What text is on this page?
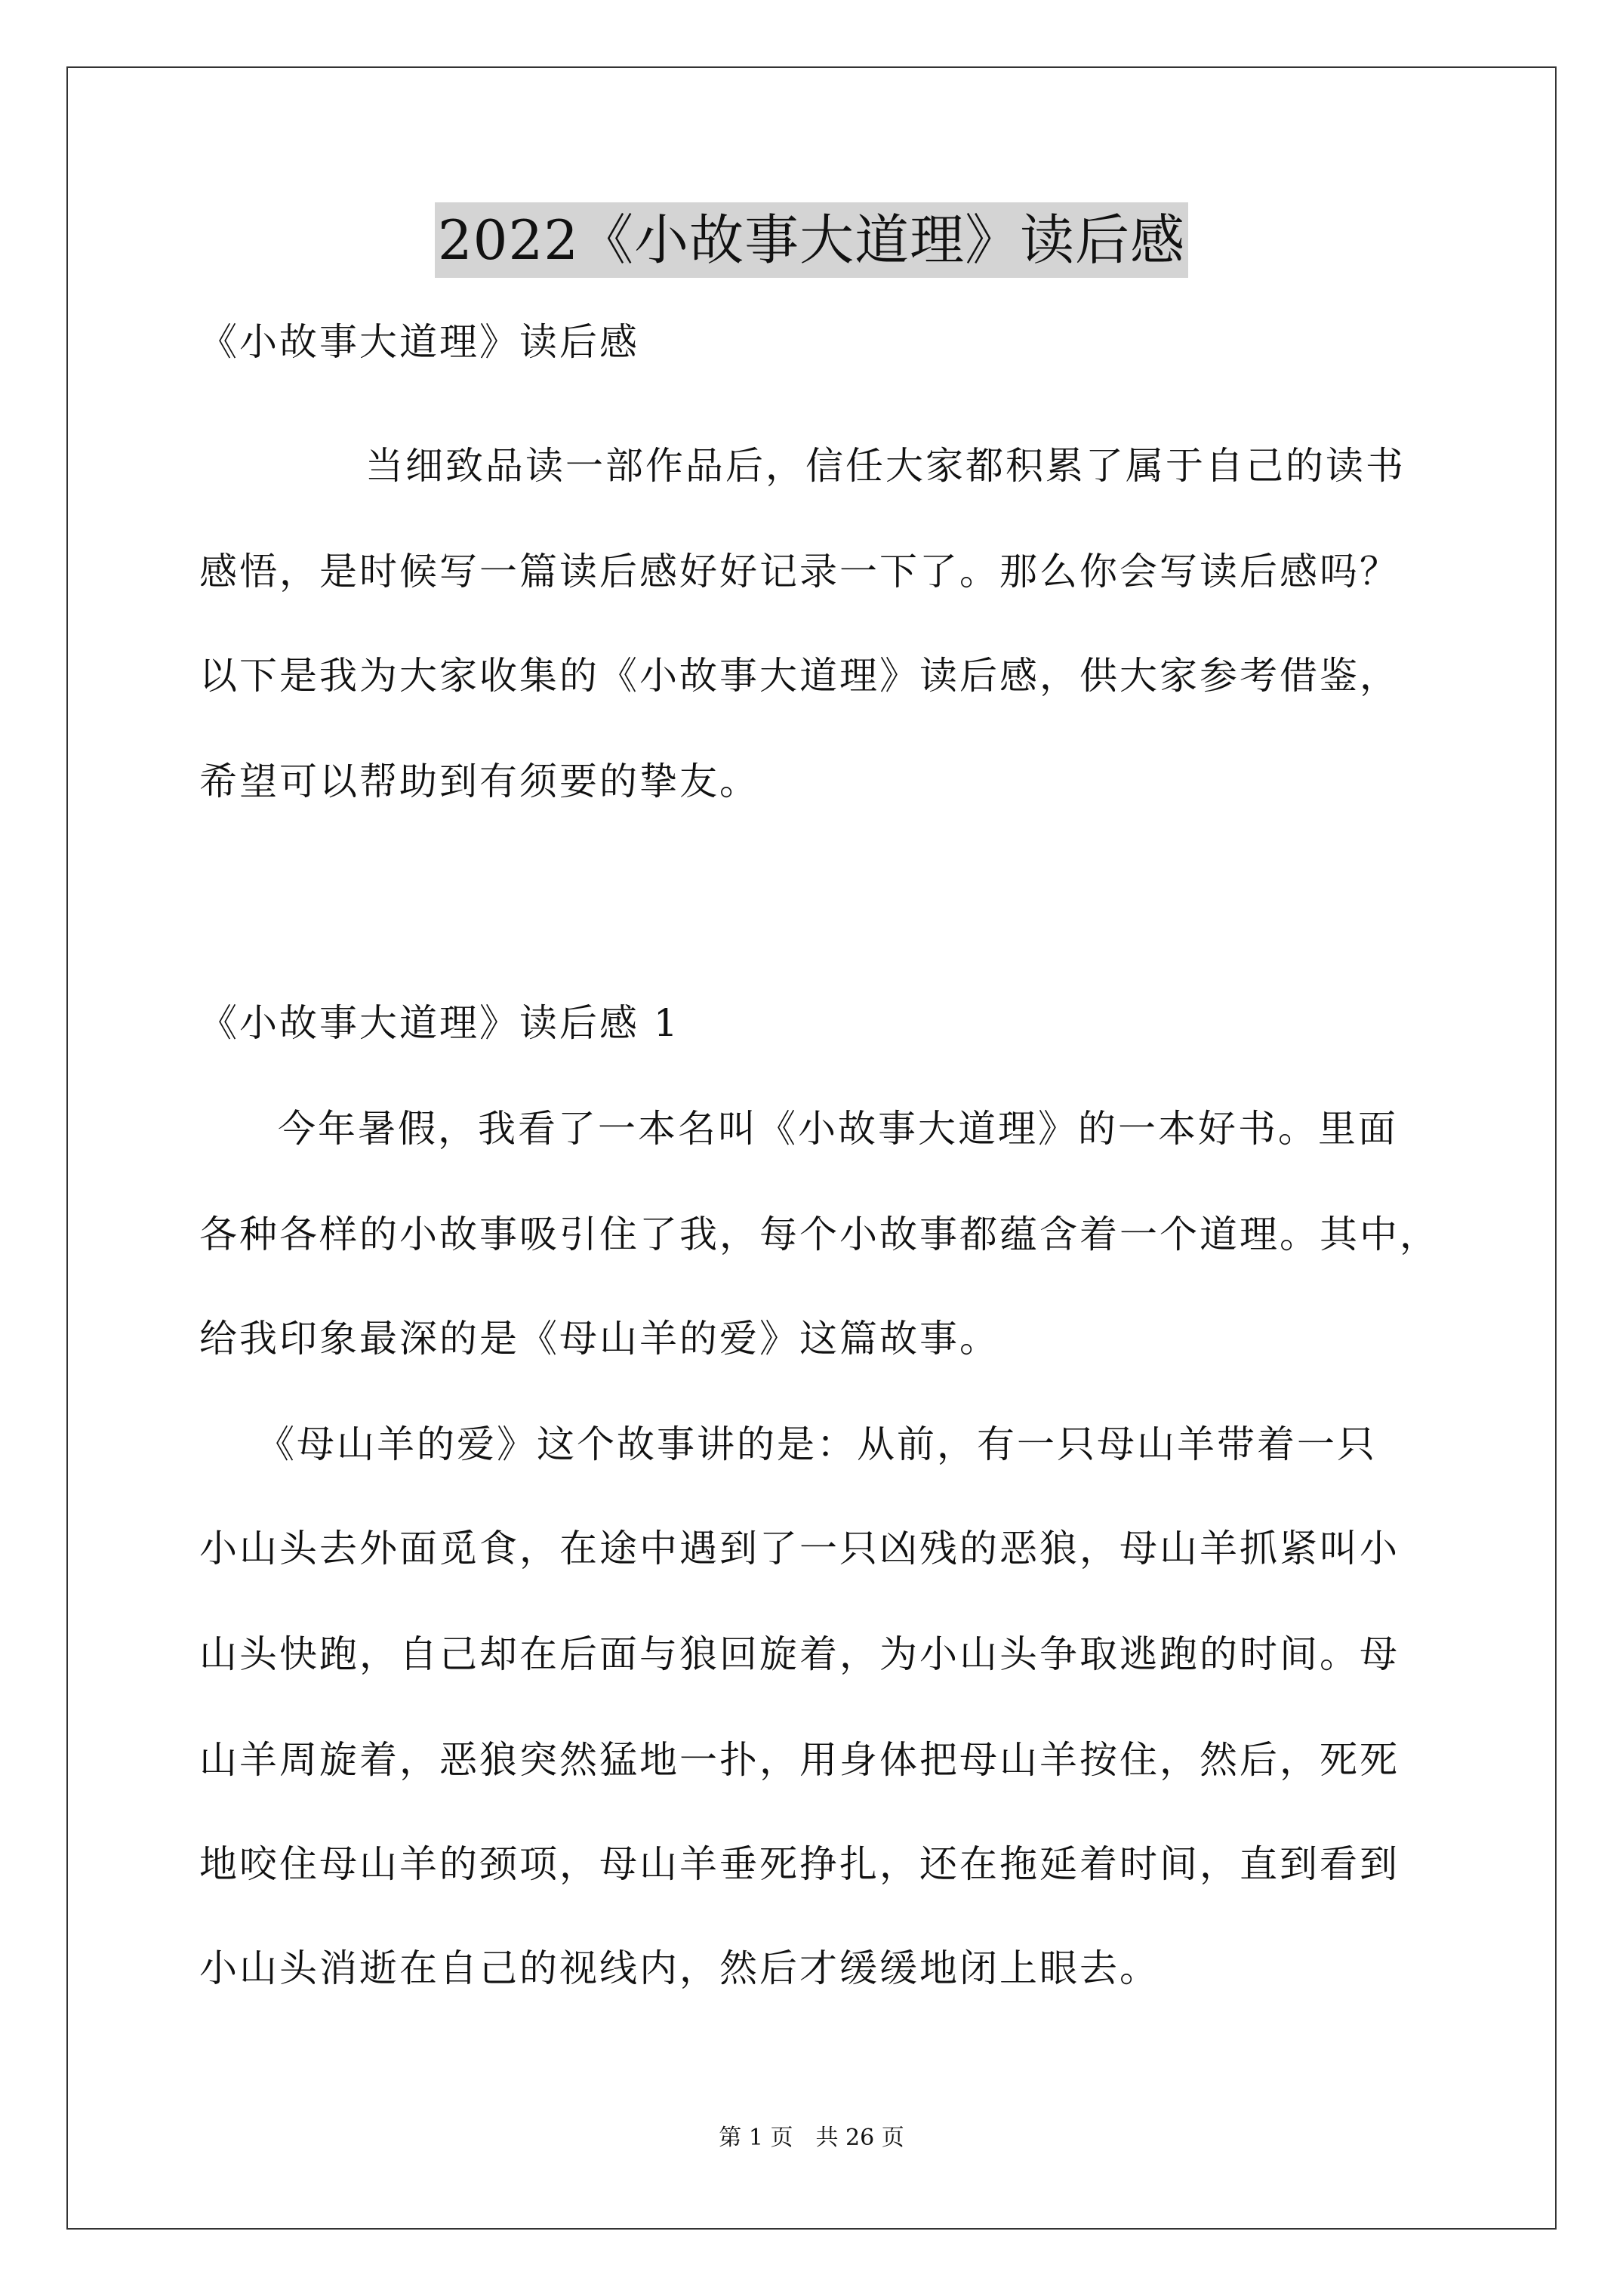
2022《小故事大道理》读后感
《小故事大道理》读后感
当细致品读一部作品后，信任大家都积累了属于自己的读书
感悟，是时候写一篇读后感好好记录一下了。那么你会写读后感吗？
以下是我为大家收集的《小故事大道理》读后感，供大家参考借鉴，
希望可以帮助到有须要的挚友。
《小故事大道理》读后感 1
今年暑假，我看了一本名叫《小故事大道理》的一本好书。里面
各种各样的小故事吸引住了我，每个小故事都蕴含着一个道理。其中，
给我印象最深的是《母山羊的爱》这篇故事。
《母山羊的爱》这个故事讲的是：从前，有一只母山羊带着一只
小山头去外面觅食，在途中遇到了一只凶残的恶狼，母山羊抓紧叫小
山头快跑，自己却在后面与狼回旋着，为小山头争取逃跑的时间。母
山羊周旋着，恶狼突然猛地一扑，用身体把母山羊按住，然后，死死
地咬住母山羊的颈项，母山羊垂死挣扎，还在拖延着时间，直到看到
小山头消逝在自己的视线内，然后才缓缓地闭上眼去。
第 1 页　共 26 页
